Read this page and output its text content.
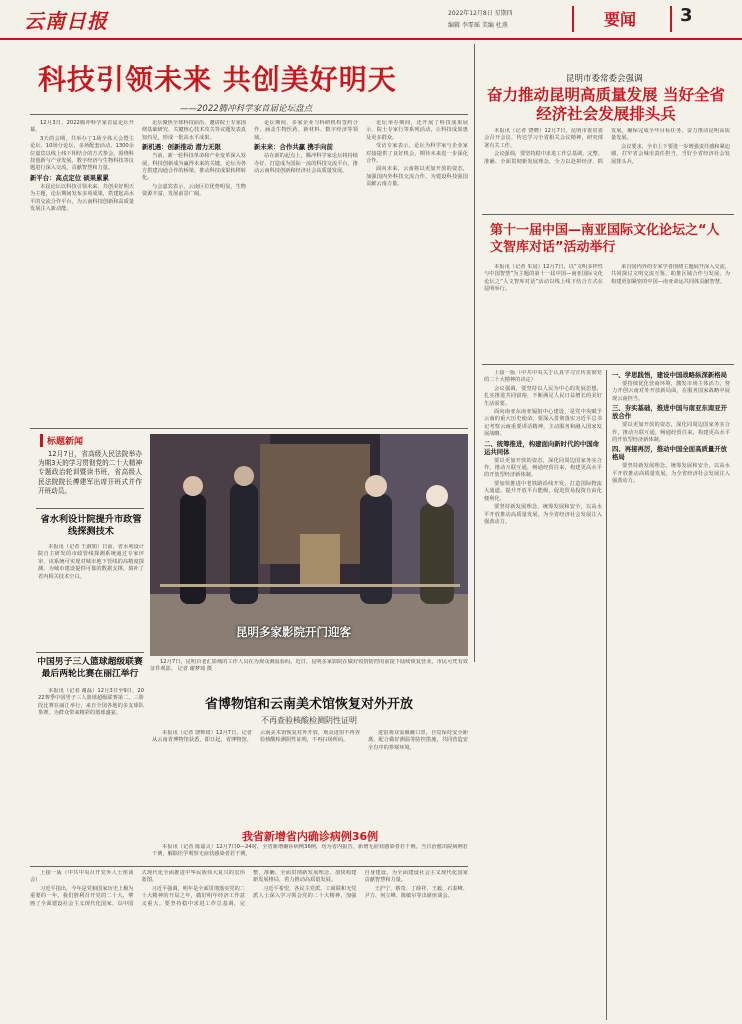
云南日报	2022年12月8日 星期四
编辑 李霏瑶 美编 杜燕	要闻 3
科技引领未来 共创美好明天
——2022腾冲科学家首届论坛盘点

12月3日，2022腾冲科学家首届论坛开幕。

3天的会期，共举办了1场全体大会暨主论坛、10场分论坛，多场配套活动。1300余位嘉宾以线上线下相结合的方式参会。围绕科技创新与产业发展、数字经济与生物科技等议题进行深入交流，贡献智慧和力量。

新平台：高点定位 硕果累累

本届论坛以科技引领未来、共创美好明天为主题，论坛期间发布多项成果，搭建起高水平的交流合作平台，为云南科技创新和高质量发展注入新动能。

论坛聚焦全球科技前沿，邀请院士专家围绕基础研究、关键核心技术攻关等议题发表真知灼见，形成一批高水平成果。

新机遇：创新推动 潜力无限

当前，新一轮科技革命和产业变革深入发展，科技创新成为赢得未来的关键。论坛为各方搭建沟通合作的桥梁，推动科技成果转移转化。

与会嘉宾表示，云南区位优势明显，生物资源丰富，发展前景广阔。

论坛期间，多家企业与科研机构签约合作，涵盖生物医药、新材料、数字经济等领域。

新未来：合作共赢 携手向前

站在新的起点上，腾冲科学家论坛将持续办好，打造成为国际一流的科技交流平台，推动云南科技创新和经济社会高质量发展。

论坛举办期间，还开展了科技成果展示、院士专家行等系列活动，让科技成果惠及更多群众。

受访专家表示，论坛为科学家与企业家对接提供了良好机会，期待未来进一步深化合作。

面向未来，云南将以更加开放的姿态，加强国内外科技交流合作，为建设科技强国贡献云南力量。

昆明市委常委会强调
奋力推动昆明高质量发展 当好全省经济社会发展排头兵

本报讯（记者 饶晓）12月7日，昆明市委常委会召开会议，传达学习全省相关会议精神，研究部署有关工作。

会议强调，要坚持稳中求进工作总基调，完整、准确、全面贯彻新发展理念，全力以赴拼经济、抓发展，确保完成全年目标任务，奋力推动昆明高质量发展。

会议要求，全市上下要进一步增强责任感和紧迫感，扛牢省会城市责任担当，当好全省经济社会发展排头兵。

第十一届中国—南亚国际文化论坛之“人文智库对话”活动举行

本报讯（记者 朱晨）12月7日，以“文明多样性与中国智慧”为主题的第十一届中国—南亚国际文化论坛之“人文智库对话”活动以线上线下结合方式在昆明举行。

来自国内外的专家学者围绕主题展开深入交流，共同探讨文明交流互鉴，助推区域合作与发展，为构建更加紧密的中国—南亚命运共同体贡献智慧。

上接一版（中共中央关于认真学习宣传贯彻党的二十大精神的决定）

会议强调，要坚持以人民为中心的发展思想，扎实推进共同富裕，不断满足人民日益增长的美好生活需要。

面向南亚东南亚辐射中心建设，是党中央赋予云南的重大历史使命。要深入贯彻落实习近平总书记考察云南重要讲话精神，主动服务和融入国家发展战略。

二、统筹推进，构建面向新时代的中国命运共同体

要以更加开放的姿态，深化同周边国家务实合作，推动互联互通，畅通经贸往来，构建更高水平的开放型经济新体制。

要加快推进中老铁路沿线开发，打造国际物流大通道，提升开放平台能级，促进贸易投资自由化便利化。

要坚持新发展理念，统筹发展和安全，以高水平开放推动高质量发展，为全省经济社会发展注入强劲动力。

一、学思践悟，建设中国战略纵深新格局

要持续优化营商环境，激发市场主体活力，努力开创云南对外开放新局面，在服务国家战略中展现云南担当。

三、夯实基础，推进中国与南亚东南亚开放合作

要以更加开放的姿态，深化同周边国家务实合作，推动互联互通，畅通经贸往来，构建更高水平的开放型经济新体制。

四、再接再厉，推动中国全面高质量开放格局

要坚持新发展理念，统筹发展和安全，以高水平开放推动高质量发展，为全省经济社会发展注入强劲动力。

标题新闻

12月7日，省高级人民法院举办为期3天的学习贯彻党的二十大精神专题政治轮训暨读书班，省高级人民法院院长傅建军出席开班式并作开班动员。

省水利设计院提升市政管线探测技术

本报讯（记者 王淑娟）日前，省水利设计院自主研发的市政管线探测系统通过专家评审，该系统可实现对城市地下管线的高精度探测，为城市建设提供可靠的数据支撑，填补了省内相关技术空白。

中国男子三人篮球超级联赛最后两轮比赛在丽江举行

本报讯（记者 谢磊）12月3日至9日，2022赛季中国男子三人篮球超级联赛第二、三阶段比赛在丽江举行，来自全国各地的多支球队参赛，为群众带来精彩的篮球盛宴。

昆明多家影院开门迎客

12月7日，昆明百老汇影城的工作人员在为观众测温验码。近日，昆明多家影院在做好疫情防控的前提下陆续恢复营业，市民可凭有效证件观影。 记者 谢梦琦 摄

省博物馆和云南美术馆恢复对外开放
不再查验核酸检测阴性证明

本报讯（记者 饶帅琦）12月7日，记者从云南省博物馆获悉，即日起，省博物馆、云南美术馆恢复对外开放，观众进馆不再查验核酸检测阴性证明，不再扫场所码。

进馆观众需佩戴口罩，自觉保持安全距离，配合做好测温等防控措施，共同营造安全有序的参观环境。

我省新增省内确诊病例36例

本报讯（记者 陈嘉灵）12月7日0—24时，全省新增确诊病例36例，均为省内报告，新增无症状感染者若干例。当日治愈出院病例若干例，解除医学观察无症状感染者若干例。

上接一版（中共中央召开党外人士座谈会）

习近平指出，今年是党和国家历史上极为重要的一年。我们胜利召开党的二十大，擘画了全面建设社会主义现代化国家、以中国式现代化全面推进中华民族伟大复兴的宏伟蓝图。

习近平强调，明年是全面贯彻落实党的二十大精神的开局之年，做好明年经济工作意义重大。要坚持稳中求进工作总基调，完整、准确、全面贯彻新发展理念，加快构建新发展格局，着力推动高质量发展。

习近平希望，各民主党派、工商联和无党派人士深入学习领会党的二十大精神，加强自身建设，为全面建设社会主义现代化国家贡献智慧和力量。

王沪宁、蔡奇、丁薛祥、王毅、石泰峰、尹力、何立峰、陈敏尔等出席座谈会。
